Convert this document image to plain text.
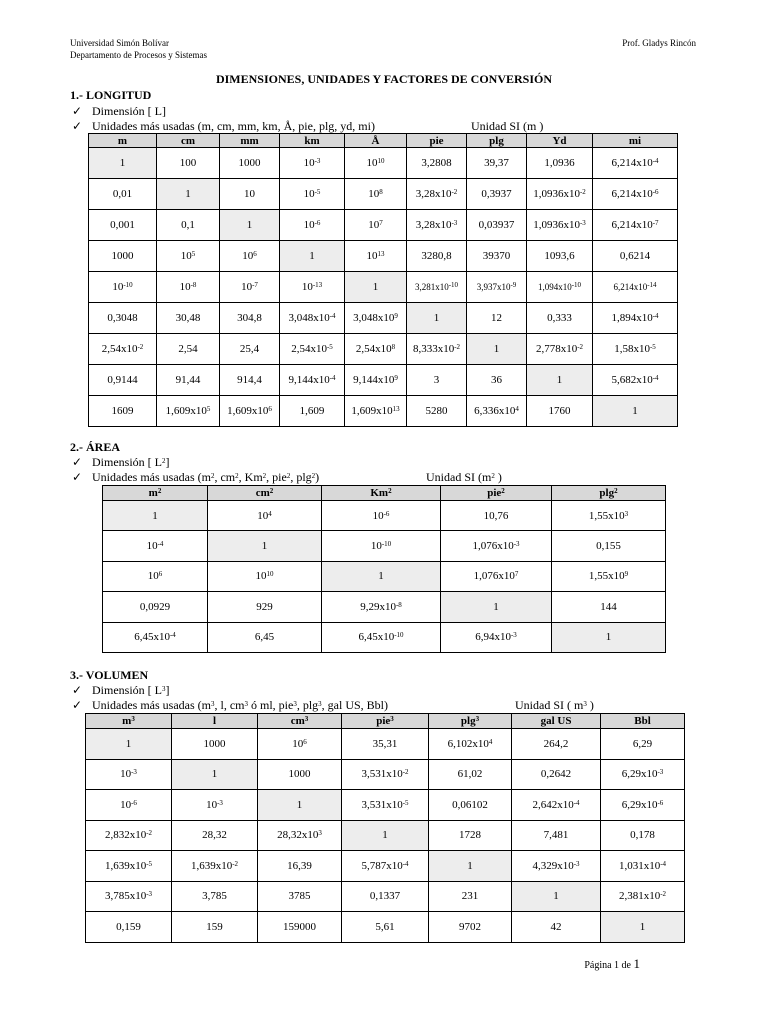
Universidad Simón Bolívar
Departamento de Procesos y Sistemas
Prof. Gladys Rincón
DIMENSIONES, UNIDADES Y FACTORES DE CONVERSIÓN
1.- LONGITUD
✓ Dimensión [ L]
✓ Unidades más usadas (m, cm, mm, km, Å, pie, plg, yd, mi)	Unidad SI (m )
m	cm	mm	km	Å	pie	plg	Yd	mi
1	100	1000	$10^{-3}$	$10^{10}$	3,2808	39,37	1,0936	$6,214x10^{-4}$
0,01	1	10	$10^{-5}$	$10^8$	$3,28x10^{-2}$	0,3937	$1,0936x10^{-2}$	$6,214x10^{-6}$
0,001	0,1	1	$10^{-6}$	$10^7$	$3,28x10^{-3}$	0,03937	$1,0936x10^{-3}$	$6,214x10^{-7}$
1000	$10^5$	$10^6$	1	$10^{13}$	3280,8	39370	1093,6	0,6214
$10^{-10}$	$10^{-8}$	$10^{-7}$	$10^{-13}$	1	$3,281x10^{-10}$	$3,937x10^{-9}$	$1,094x10^{-10}$	$6,214x10^{-14}$
0,3048	30,48	304,8	$3,048x10^{-4}$	$3,048x10^9$	1	12	0,333	$1,894x10^{-4}$
$2,54x10^{-2}$	2,54	25,4	$2,54x10^{-5}$	$2,54x10^8$	$8,333x10^{-2}$	1	$2,778x10^{-2}$	$1,58x10^{-5}$
0,9144	91,44	914,4	$9,144x10^{-4}$	$9,144x10^9$	3	36	1	$5,682x10^{-4}$
1609	$1,609x10^5$	$1,609x10^6$	1,609	$1,609x10^{13}$	5280	$6,336x10^4$	1760	1
2.- ÁREA
✓ Dimensión [ $L^2$]
✓ Unidades más usadas ($m^2$, $cm^2$, Km$^2$, pie$^2$, plg$^2$)	Unidad SI ($m^2$ )
$m^2$	$cm^2$	Km$^2$	pie$^2$	plg$^2$
1	$10^4$	$10^{-6}$	10,76	$1,55x10^3$
$10^{-4}$	1	$10^{-10}$	$1,076x10^{-3}$	0,155
$10^6$	$10^{10}$	1	$1,076x10^7$	$1,55x10^9$
0,0929	929	$9,29x10^{-8}$	1	144
$6,45x10^{-4}$	6,45	$6,45x10^{-10}$	$6,94x10^{-3}$	1
3.- VOLUMEN
✓ Dimensión [ $L^3$]
✓ Unidades más usadas ($m^3$, l, $cm^3$ ó ml, pie$^3$, plg$^3$, gal US, Bbl)	Unidad SI ( $m^3$ )
$m^3$	l	$cm^3$	pie$^3$	plg$^3$	gal US	Bbl
1	1000	$10^6$	35,31	$6,102x10^4$	264,2	6,29
$10^{-3}$	1	1000	$3,531x10^{-2}$	61,02	0,2642	$6,29x10^{-3}$
$10^{-6}$	$10^{-3}$	1	$3,531x10^{-5}$	0,06102	$2,642x10^{-4}$	$6,29x10^{-6}$
$2,832x10^{-2}$	28,32	$28,32x10^3$	1	1728	7,481	0,178
$1,639x10^{-5}$	$1,639x10^{-2}$	16,39	$5,787x10^{-4}$	1	$4,329x10^{-3}$	$1,031x10^{-4}$
$3,785x10^{-3}$	3,785	3785	0,1337	231	1	$2,381x10^{-2}$
0,159	159	159000	5,61	9702	42	1
Página 1 de 1
